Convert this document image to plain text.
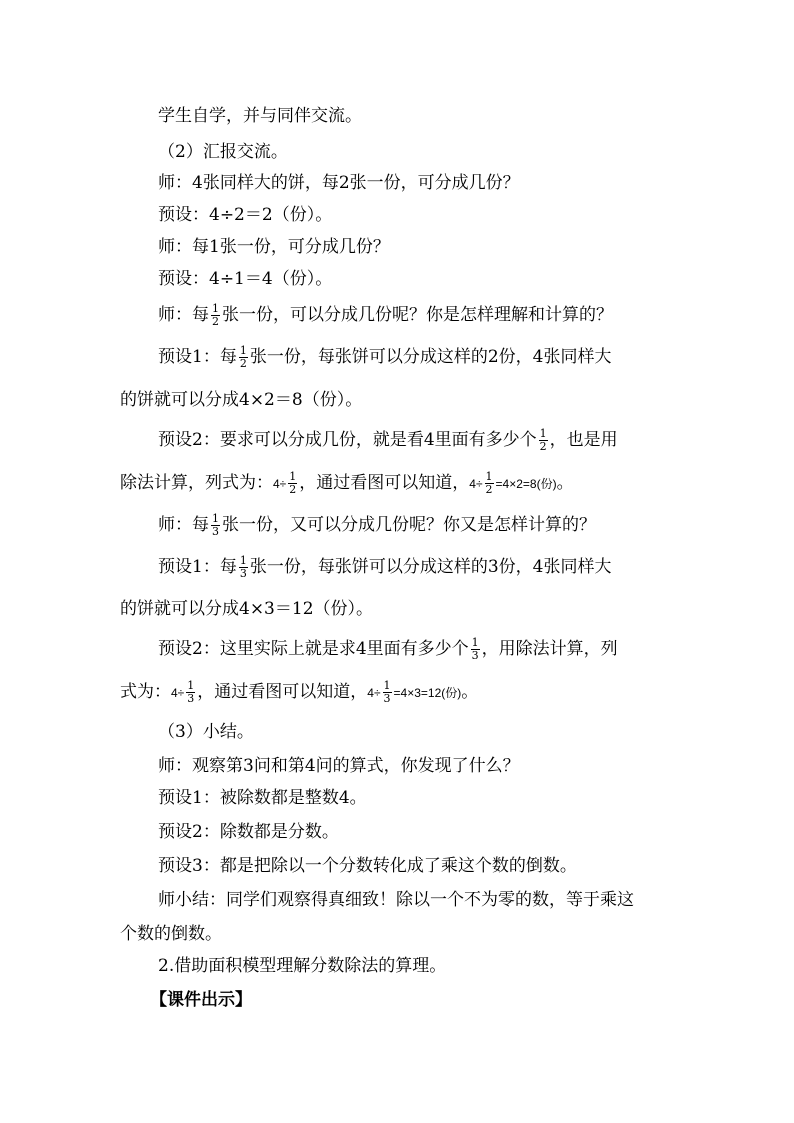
学生自学，并与同伴交流。
（2）汇报交流。
师：4张同样大的饼，每2张一份，可分成几份？
预设：4÷2＝2（份）。
师：每1张一份，可分成几份？
预设：4÷1＝4（份）。
师：每 $\frac{1}{2}$ 张一份，可以分成几份呢？你是怎样理解和计算的？
预设1：每 $\frac{1}{2}$ 张一份，每张饼可以分成这样的2份，4张同样大
的饼就可以分成4×2＝8（份）。
预设2：要求可以分成几份，就是看4里面有多少个 $\frac{1}{2}$ ，也是用
除法计算，列式为：$4\div \frac{1}{2}$ ，通过看图可以知道，$4\div \frac{1}{2} =4\times 2=8$(份)。
师：每 $\frac{1}{3}$ 张一份，又可以分成几份呢？你又是怎样计算的？
预设1：每 $\frac{1}{3}$ 张一份，每张饼可以分成这样的3份，4张同样大
的饼就可以分成4×3＝12（份）。
预设2：这里实际上就是求4里面有多少个 $\frac{1}{3}$ ，用除法计算，列
式为：$4\div \frac{1}{3}$ ，通过看图可以知道，$4\div \frac{1}{3} =4\times 3=12$(份)。
（3）小结。
师：观察第3问和第4问的算式，你发现了什么？
预设1：被除数都是整数4。
预设2：除数都是分数。
预设3：都是把除以一个分数转化成了乘这个数的倒数。
师小结：同学们观察得真细致！除以一个不为零的数，等于乘这
个数的倒数。
2.借助面积模型理解分数除法的算理。
【课件出示】
